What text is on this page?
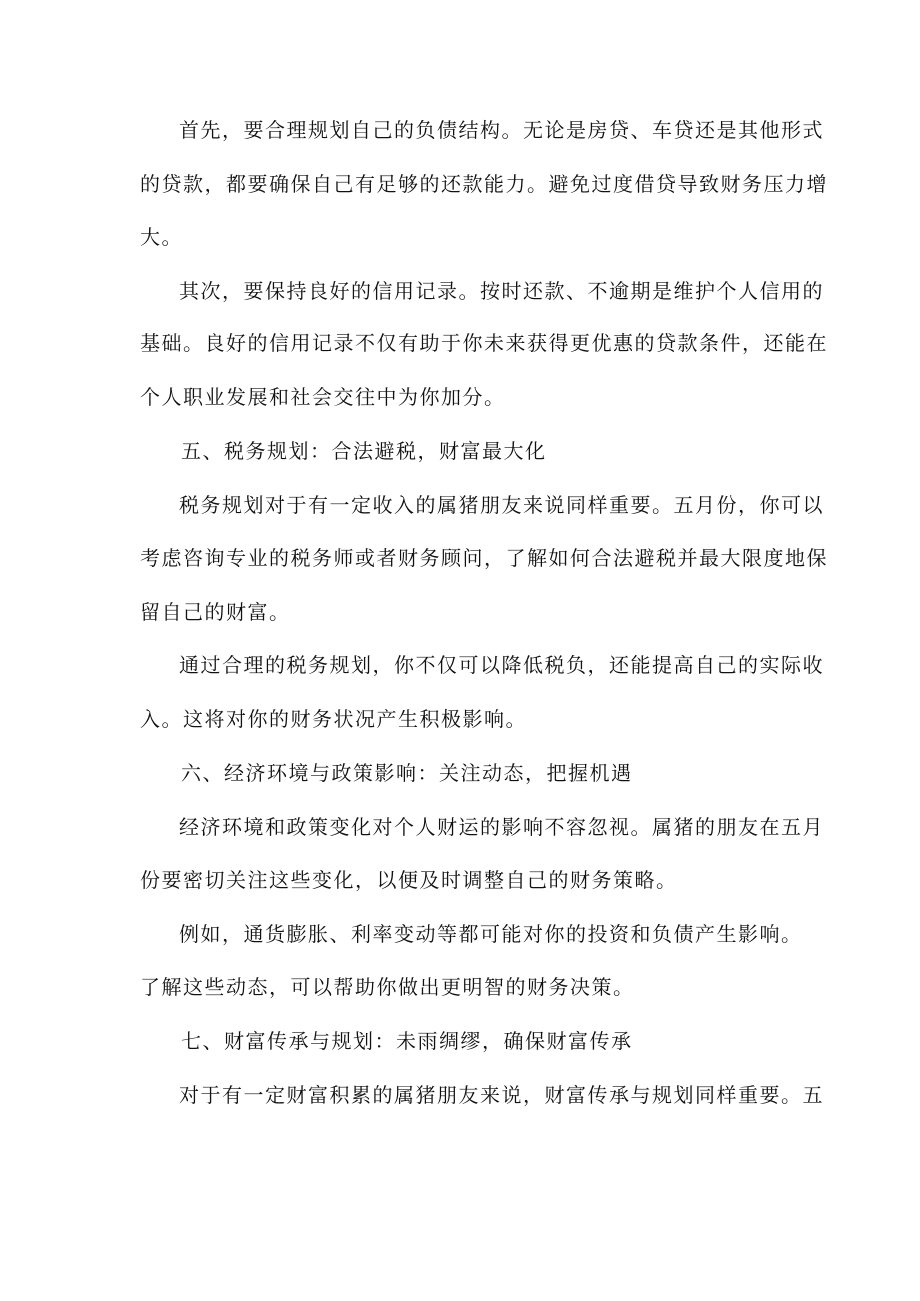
首先，要合理规划自己的负债结构。无论是房贷、车贷还是其他形式
的贷款，都要确保自己有足够的还款能力。避免过度借贷导致财务压力增
大。
其次，要保持良好的信用记录。按时还款、不逾期是维护个人信用的
基础。良好的信用记录不仅有助于你未来获得更优惠的贷款条件，还能在
个人职业发展和社会交往中为你加分。
五、税务规划：合法避税，财富最大化
税务规划对于有一定收入的属猪朋友来说同样重要。五月份，你可以
考虑咨询专业的税务师或者财务顾问，了解如何合法避税并最大限度地保
留自己的财富。
通过合理的税务规划，你不仅可以降低税负，还能提高自己的实际收
入。这将对你的财务状况产生积极影响。
六、经济环境与政策影响：关注动态，把握机遇
经济环境和政策变化对个人财运的影响不容忽视。属猪的朋友在五月
份要密切关注这些变化，以便及时调整自己的财务策略。
例如，通货膨胀、利率变动等都可能对你的投资和负债产生影响。
了解这些动态，可以帮助你做出更明智的财务决策。
七、财富传承与规划：未雨绸缪，确保财富传承
对于有一定财富积累的属猪朋友来说，财富传承与规划同样重要。五
